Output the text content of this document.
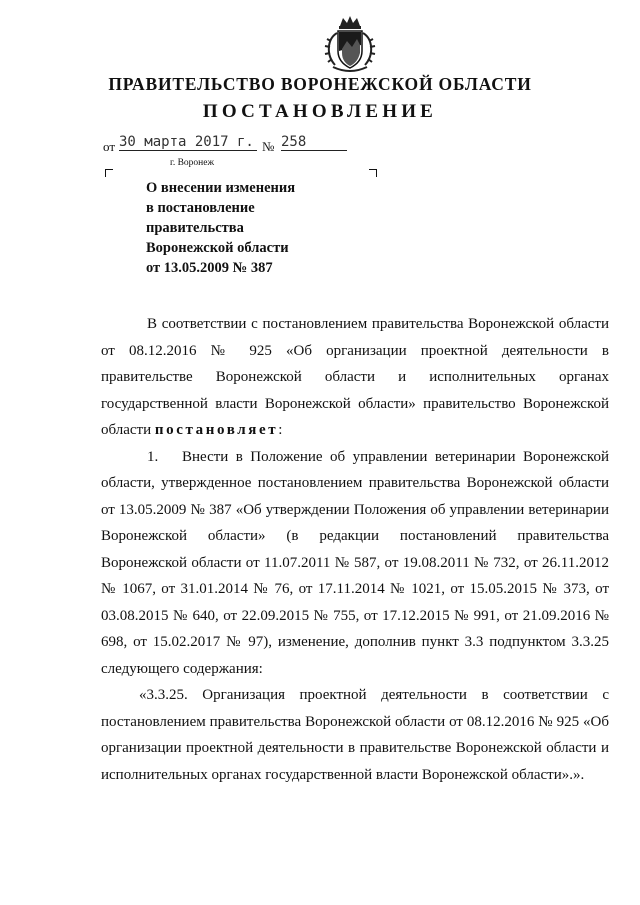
ПРАВИТЕЛЬСТВО ВОРОНЕЖСКОЙ ОБЛАСТИ
ПОСТАНОВЛЕНИЕ
от 30 марта 2017 г. № 258
г. Воронеж
О внесении изменения
в постановление
правительства
Воронежской области
от 13.05.2009 № 387

В соответствии с постановлением правительства Воронежской области от 08.12.2016 № 925 «Об организации проектной деятельности в правительстве Воронежской области и исполнительных органах государственной власти Воронежской области» правительство Воронежской области постановляет:

1. Внести в Положение об управлении ветеринарии Воронежской области, утвержденное постановлением правительства Воронежской области от 13.05.2009 № 387 «Об утверждении Положения об управлении ветеринарии Воронежской области» (в редакции постановлений правительства Воронежской области от 11.07.2011 № 587, от 19.08.2011 № 732, от 26.11.2012 № 1067, от 31.01.2014 № 76, от 17.11.2014 № 1021, от 15.05.2015 № 373, от 03.08.2015 № 640, от 22.09.2015 № 755, от 17.12.2015 № 991, от 21.09.2016 № 698, от 15.02.2017 № 97), изменение, дополнив пункт 3.3 подпунктом 3.3.25 следующего содержания:

«3.3.25. Организация проектной деятельности в соответствии с постановлением правительства Воронежской области от 08.12.2016 № 925 «Об организации проектной деятельности в правительстве Воронежской области и исполнительных органах государственной власти Воронежской области».».
